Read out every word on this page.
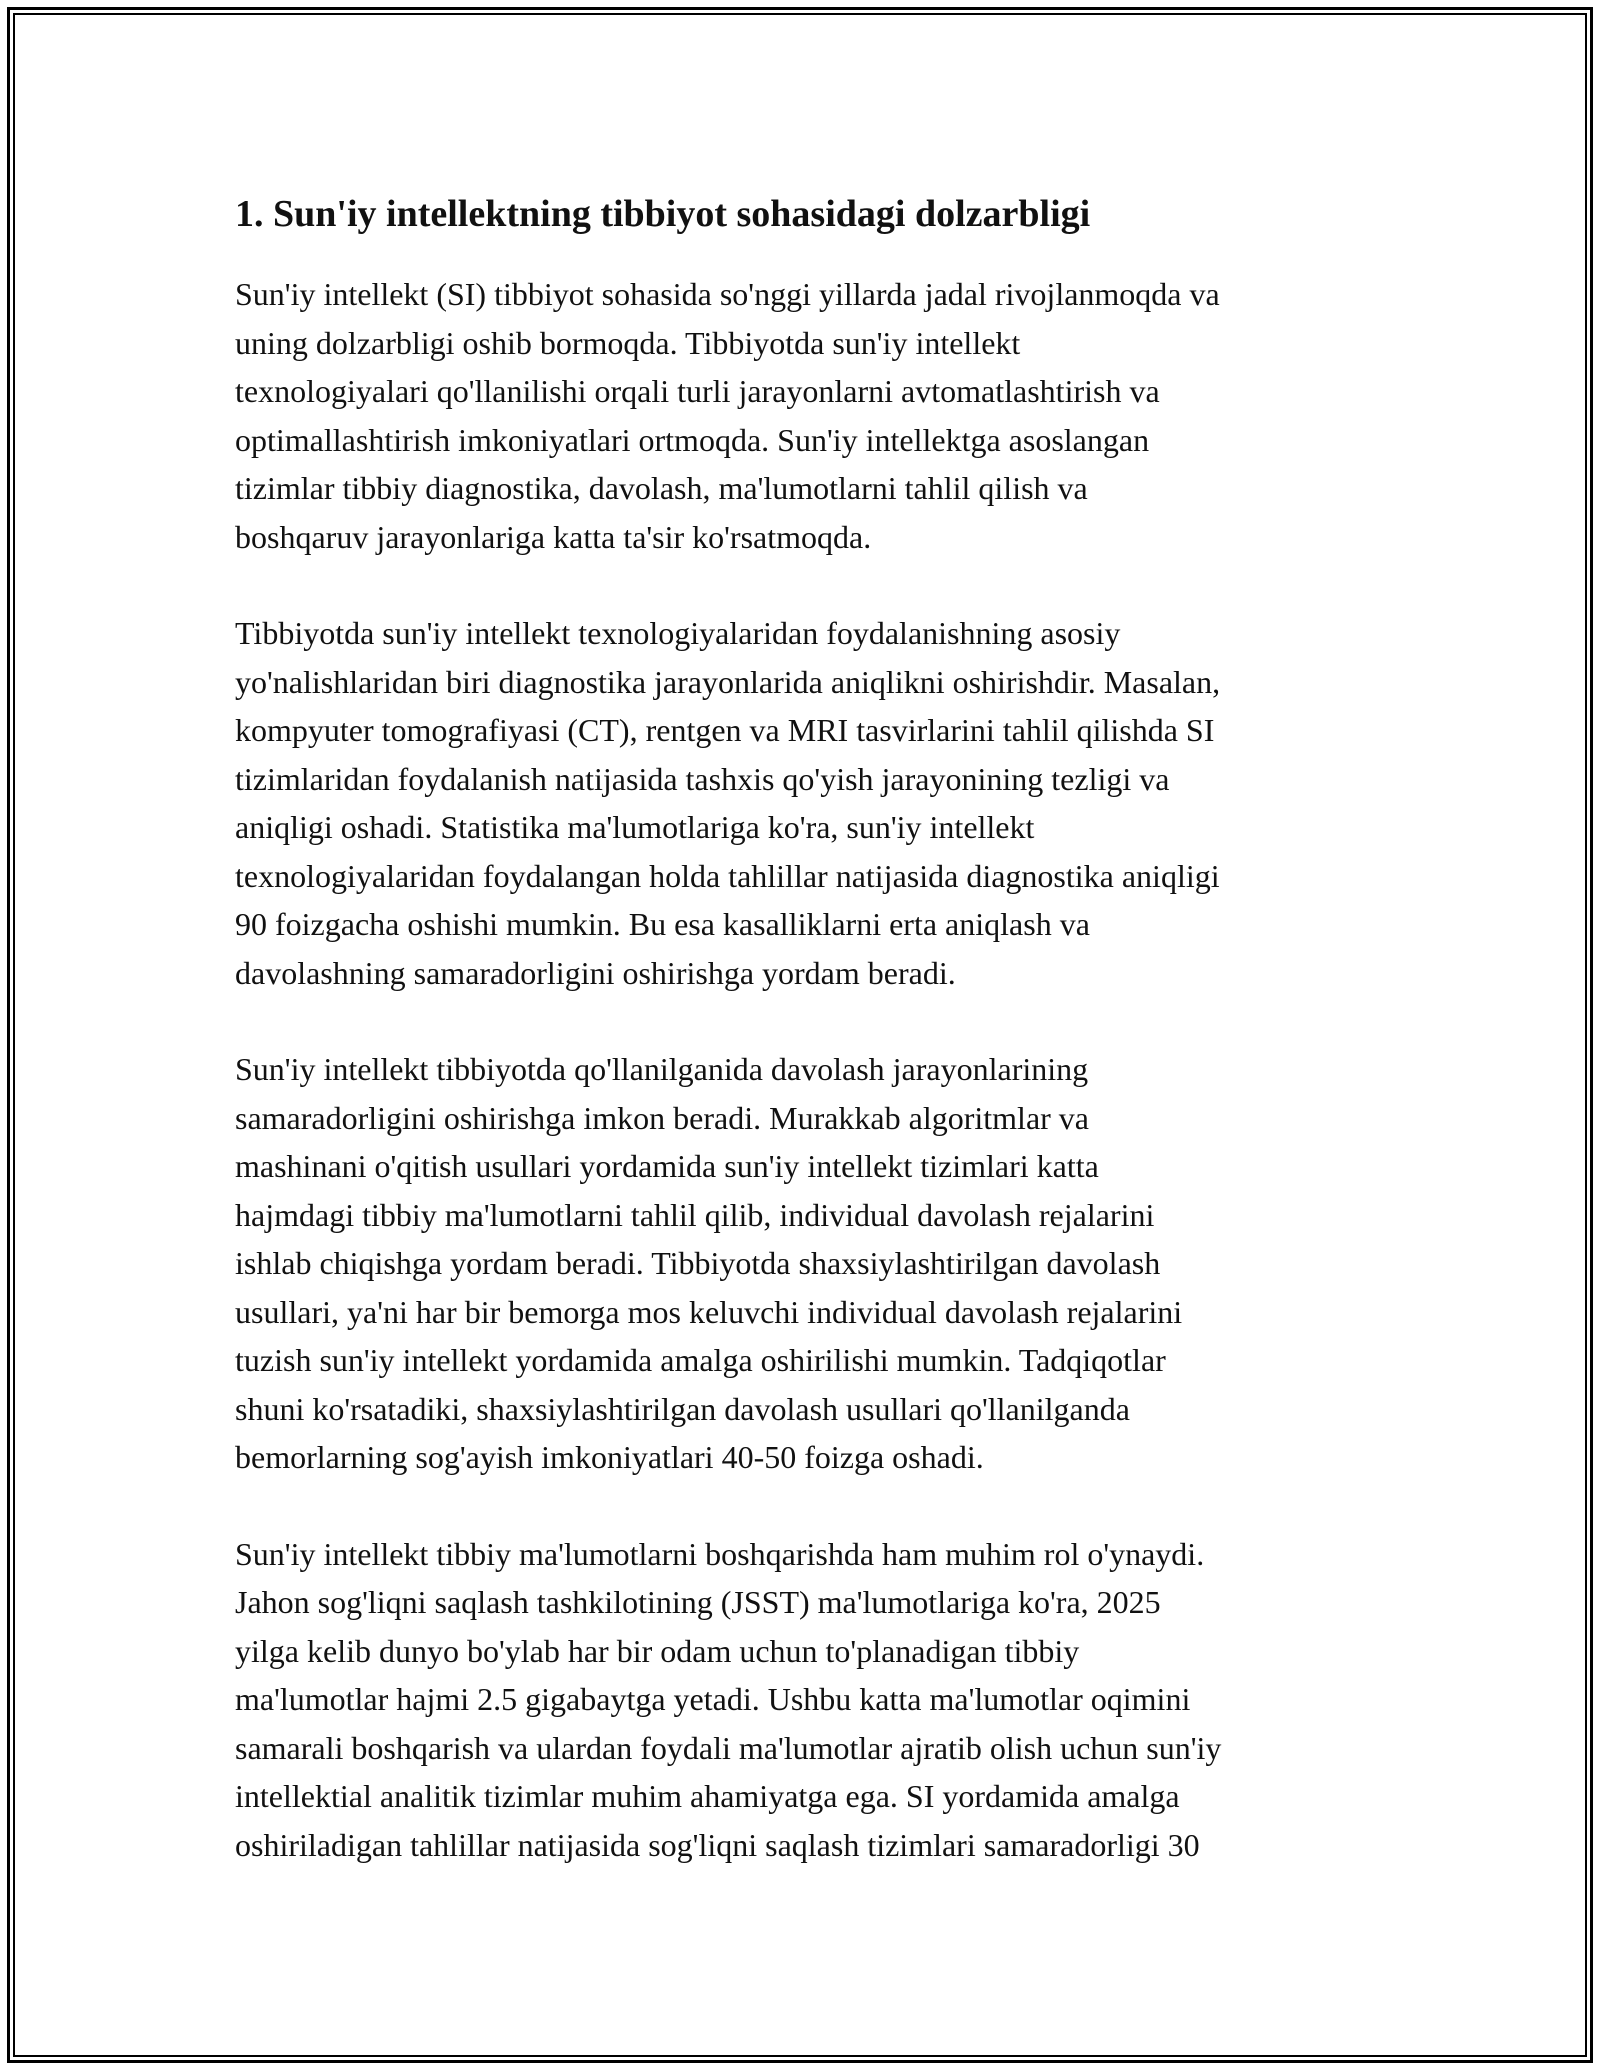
1. Sun'iy intellektning tibbiyot sohasidagi dolzarbligi

Sun'iy intellekt (SI) tibbiyot sohasida so'nggi yillarda jadal rivojlanmoqda va
uning dolzarbligi oshib bormoqda. Tibbiyotda sun'iy intellekt
texnologiyalari qo'llanilishi orqali turli jarayonlarni avtomatlashtirish va
optimallashtirish imkoniyatlari ortmoqda. Sun'iy intellektga asoslangan
tizimlar tibbiy diagnostika, davolash, ma'lumotlarni tahlil qilish va
boshqaruv jarayonlariga katta ta'sir ko'rsatmoqda.

Tibbiyotda sun'iy intellekt texnologiyalaridan foydalanishning asosiy
yo'nalishlaridan biri diagnostika jarayonlarida aniqlikni oshirishdir. Masalan,
kompyuter tomografiyasi (CT), rentgen va MRI tasvirlarini tahlil qilishda SI
tizimlaridan foydalanish natijasida tashxis qo'yish jarayonining tezligi va
aniqligi oshadi. Statistika ma'lumotlariga ko'ra, sun'iy intellekt
texnologiyalaridan foydalangan holda tahlillar natijasida diagnostika aniqligi
90 foizgacha oshishi mumkin. Bu esa kasalliklarni erta aniqlash va
davolashning samaradorligini oshirishga yordam beradi.

Sun'iy intellekt tibbiyotda qo'llanilganida davolash jarayonlarining
samaradorligini oshirishga imkon beradi. Murakkab algoritmlar va
mashinani o'qitish usullari yordamida sun'iy intellekt tizimlari katta
hajmdagi tibbiy ma'lumotlarni tahlil qilib, individual davolash rejalarini
ishlab chiqishga yordam beradi. Tibbiyotda shaxsiylashtirilgan davolash
usullari, ya'ni har bir bemorga mos keluvchi individual davolash rejalarini
tuzish sun'iy intellekt yordamida amalga oshirilishi mumkin. Tadqiqotlar
shuni ko'rsatadiki, shaxsiylashtirilgan davolash usullari qo'llanilganda
bemorlarning sog'ayish imkoniyatlari 40-50 foizga oshadi.

Sun'iy intellekt tibbiy ma'lumotlarni boshqarishda ham muhim rol o'ynaydi.
Jahon sog'liqni saqlash tashkilotining (JSST) ma'lumotlariga ko'ra, 2025
yilga kelib dunyo bo'ylab har bir odam uchun to'planadigan tibbiy
ma'lumotlar hajmi 2.5 gigabaytga yetadi. Ushbu katta ma'lumotlar oqimini
samarali boshqarish va ulardan foydali ma'lumotlar ajratib olish uchun sun'iy
intellektial analitik tizimlar muhim ahamiyatga ega. SI yordamida amalga
oshiriladigan tahlillar natijasida sog'liqni saqlash tizimlari samaradorligi 30
